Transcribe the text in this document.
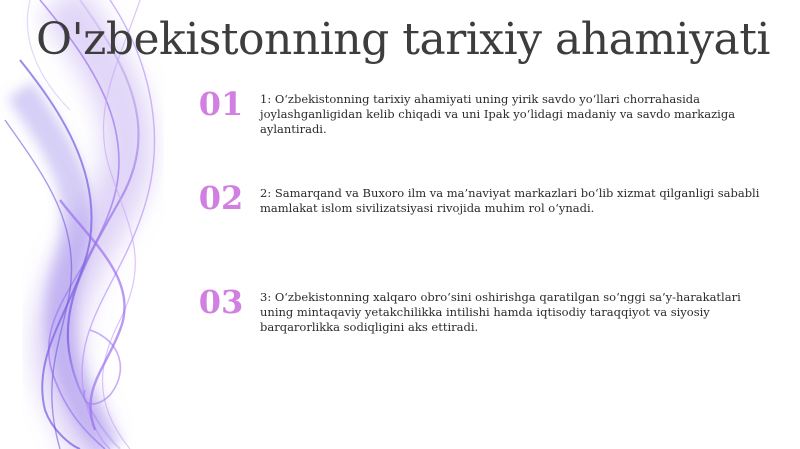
O'zbekistonning tarixiy ahamiyati
01 1: O‘zbekistonning tarixiy ahamiyati uning yirik savdo yo‘llari chorrahasida joylashganligidan kelib chiqadi va uni Ipak yo‘lidagi madaniy va savdo markaziga aylantiradi.

02 2: Samarqand va Buxoro ilm va ma’naviyat markazlari bo‘lib xizmat qilganligi sababli mamlakat islom sivilizatsiyasi rivojida muhim rol o‘ynadi.

03 3: O‘zbekistonning xalqaro obro‘sini oshirishga qaratilgan so‘nggi sa’y-harakatlari uning mintaqaviy yetakchilikka intilishi hamda iqtisodiy taraqqiyot va siyosiy barqarorlikka sodiqligini aks ettiradi.
